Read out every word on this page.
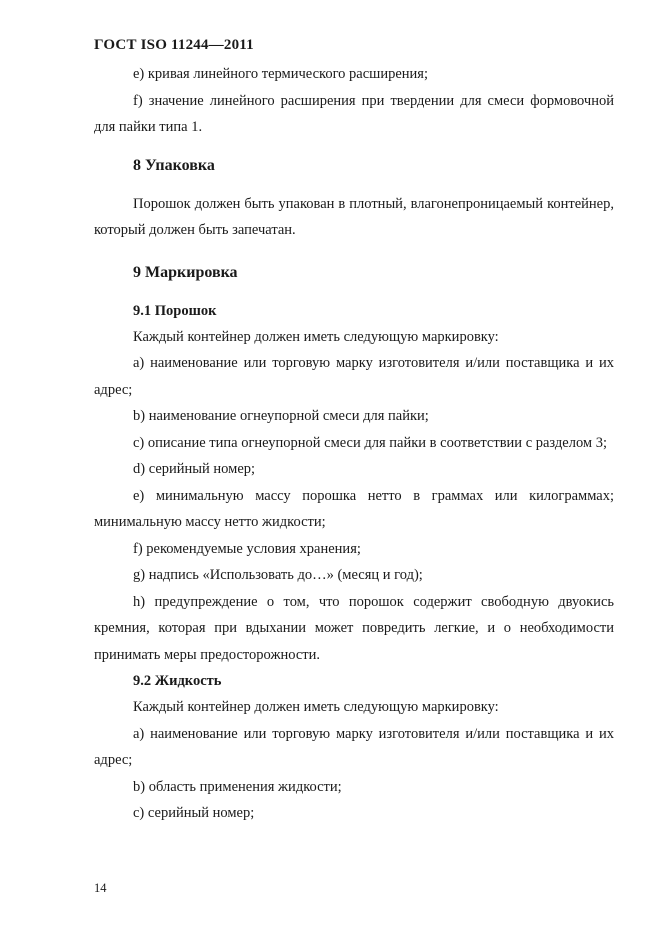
ГОСТ ISO 11244—2011

e) кривая линейного термического расширения;

f) значение линейного расширения при твердении для смеси формовочной для пайки типа 1.

8 Упаковка

Порошок должен быть упакован в плотный, влагонепроницаемый контейнер, который должен быть запечатан.

9 Маркировка
9.1 Порошок

Каждый контейнер должен иметь следующую маркировку:

a) наименование или торговую марку изготовителя и/или поставщика и их адрес;

b) наименование огнеупорной смеси для пайки;

c) описание типа огнеупорной смеси для пайки в соответствии с разделом 3;

d) серийный номер;

e) минимальную массу порошка нетто в граммах или килограммах; минимальную массу нетто жидкости;

f) рекомендуемые условия хранения;

g) надпись «Использовать до…» (месяц и год);

h) предупреждение о том, что порошок содержит свободную двуокись кремния, которая при вдыхании может повредить легкие, и о необходимости принимать меры предосторожности.

9.2 Жидкость

Каждый контейнер должен иметь следующую маркировку:

a) наименование или торговую марку изготовителя и/или поставщика и их адрес;

b) область применения жидкости;

c) серийный номер;

14
